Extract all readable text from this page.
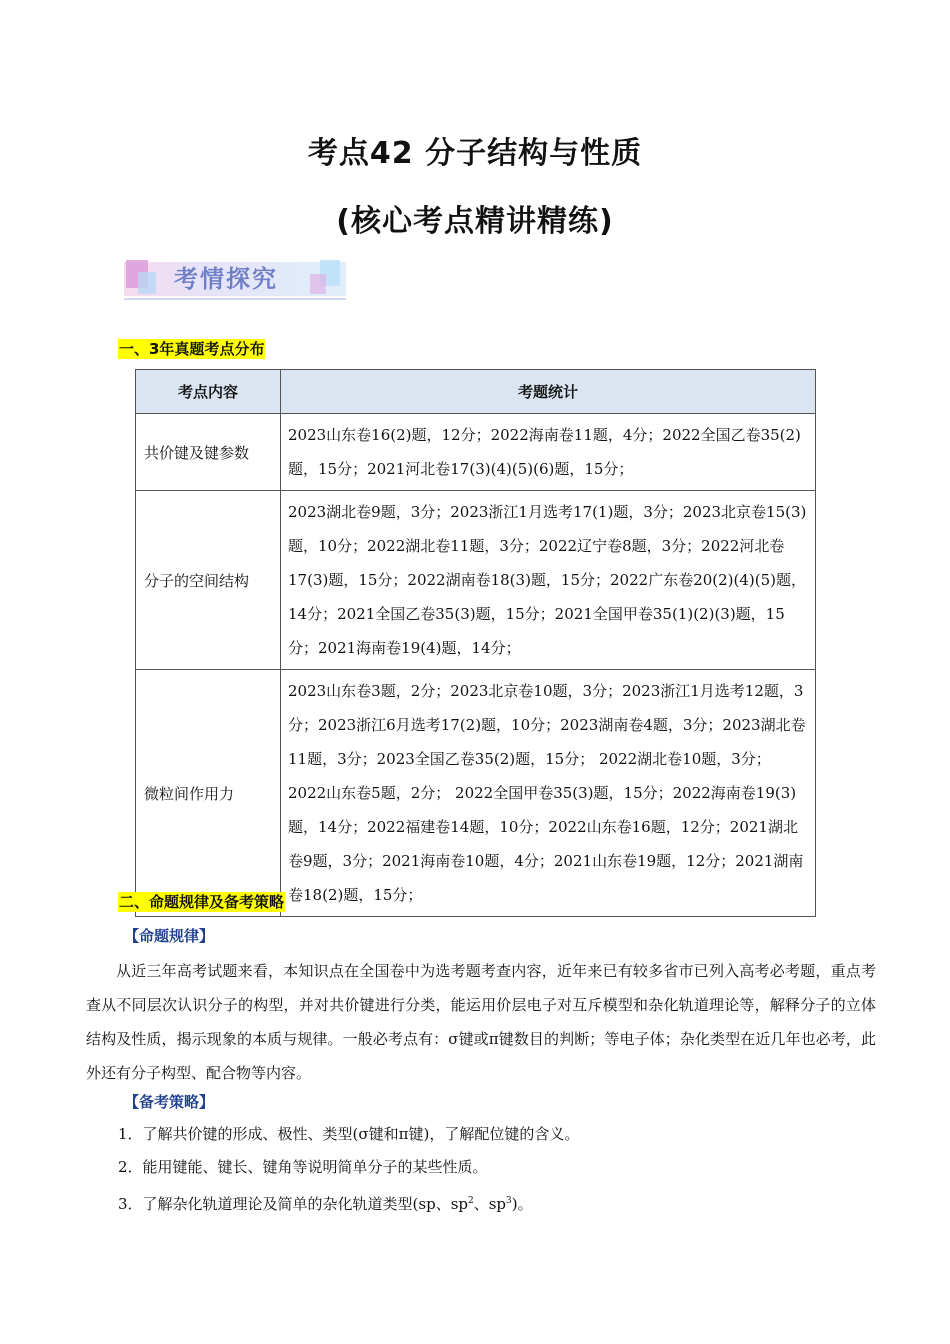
考点42 分子结构与性质
(核心考点精讲精练)
考情探究
一、3年真题考点分布
考点内容	考题统计
共价键及键参数	2023山东卷16(2)题，12分；2022海南卷11题，4分；2022全国乙卷35(2)题，15分；2021河北卷17(3)(4)(5)(6)题，15分；
分子的空间结构	2023湖北卷9题，3分；2023浙江1月选考17(1)题，3分；2023北京卷15(3)题，10分；2022湖北卷11题，3分；2022辽宁卷8题，3分；2022河北卷17(3)题，15分；2022湖南卷18(3)题，15分；2022广东卷20(2)(4)(5)题，14分；2021全国乙卷35(3)题，15分；2021全国甲卷35(1)(2)(3)题，15分；2021海南卷19(4)题，14分；
微粒间作用力	2023山东卷3题，2分；2023北京卷10题，3分；2023浙江1月选考12题，3分；2023浙江6月选考17(2)题，10分；2023湖南卷4题，3分；2023湖北卷11题，3分；2023全国乙卷35(2)题，15分； 2022湖北卷10题，3分；2022山东卷5题，2分； 2022全国甲卷35(3)题，15分；2022海南卷19(3)题，14分；2022福建卷14题，10分；2022山东卷16题，12分；2021湖北卷9题，3分；2021海南卷10题，4分；2021山东卷19题，12分；2021湖南卷18(2)题，15分；
二、命题规律及备考策略
【命题规律】
从近三年高考试题来看，本知识点在全国卷中为选考题考查内容，近年来已有较多省市已列入高考必考题，重点考查从不同层次认识分子的构型，并对共价键进行分类，能运用价层电子对互斥模型和杂化轨道理论等，解释分子的立体结构及性质，揭示现象的本质与规律。一般必考点有：σ键或π键数目的判断；等电子体；杂化类型在近几年也必考，此外还有分子构型、配合物等内容。
【备考策略】
1．了解共价键的形成、极性、类型(σ键和π键)，了解配位键的含义。
2．能用键能、键长、键角等说明简单分子的某些性质。
3．了解杂化轨道理论及简单的杂化轨道类型(sp、$sp^2$、$sp^3$)。
